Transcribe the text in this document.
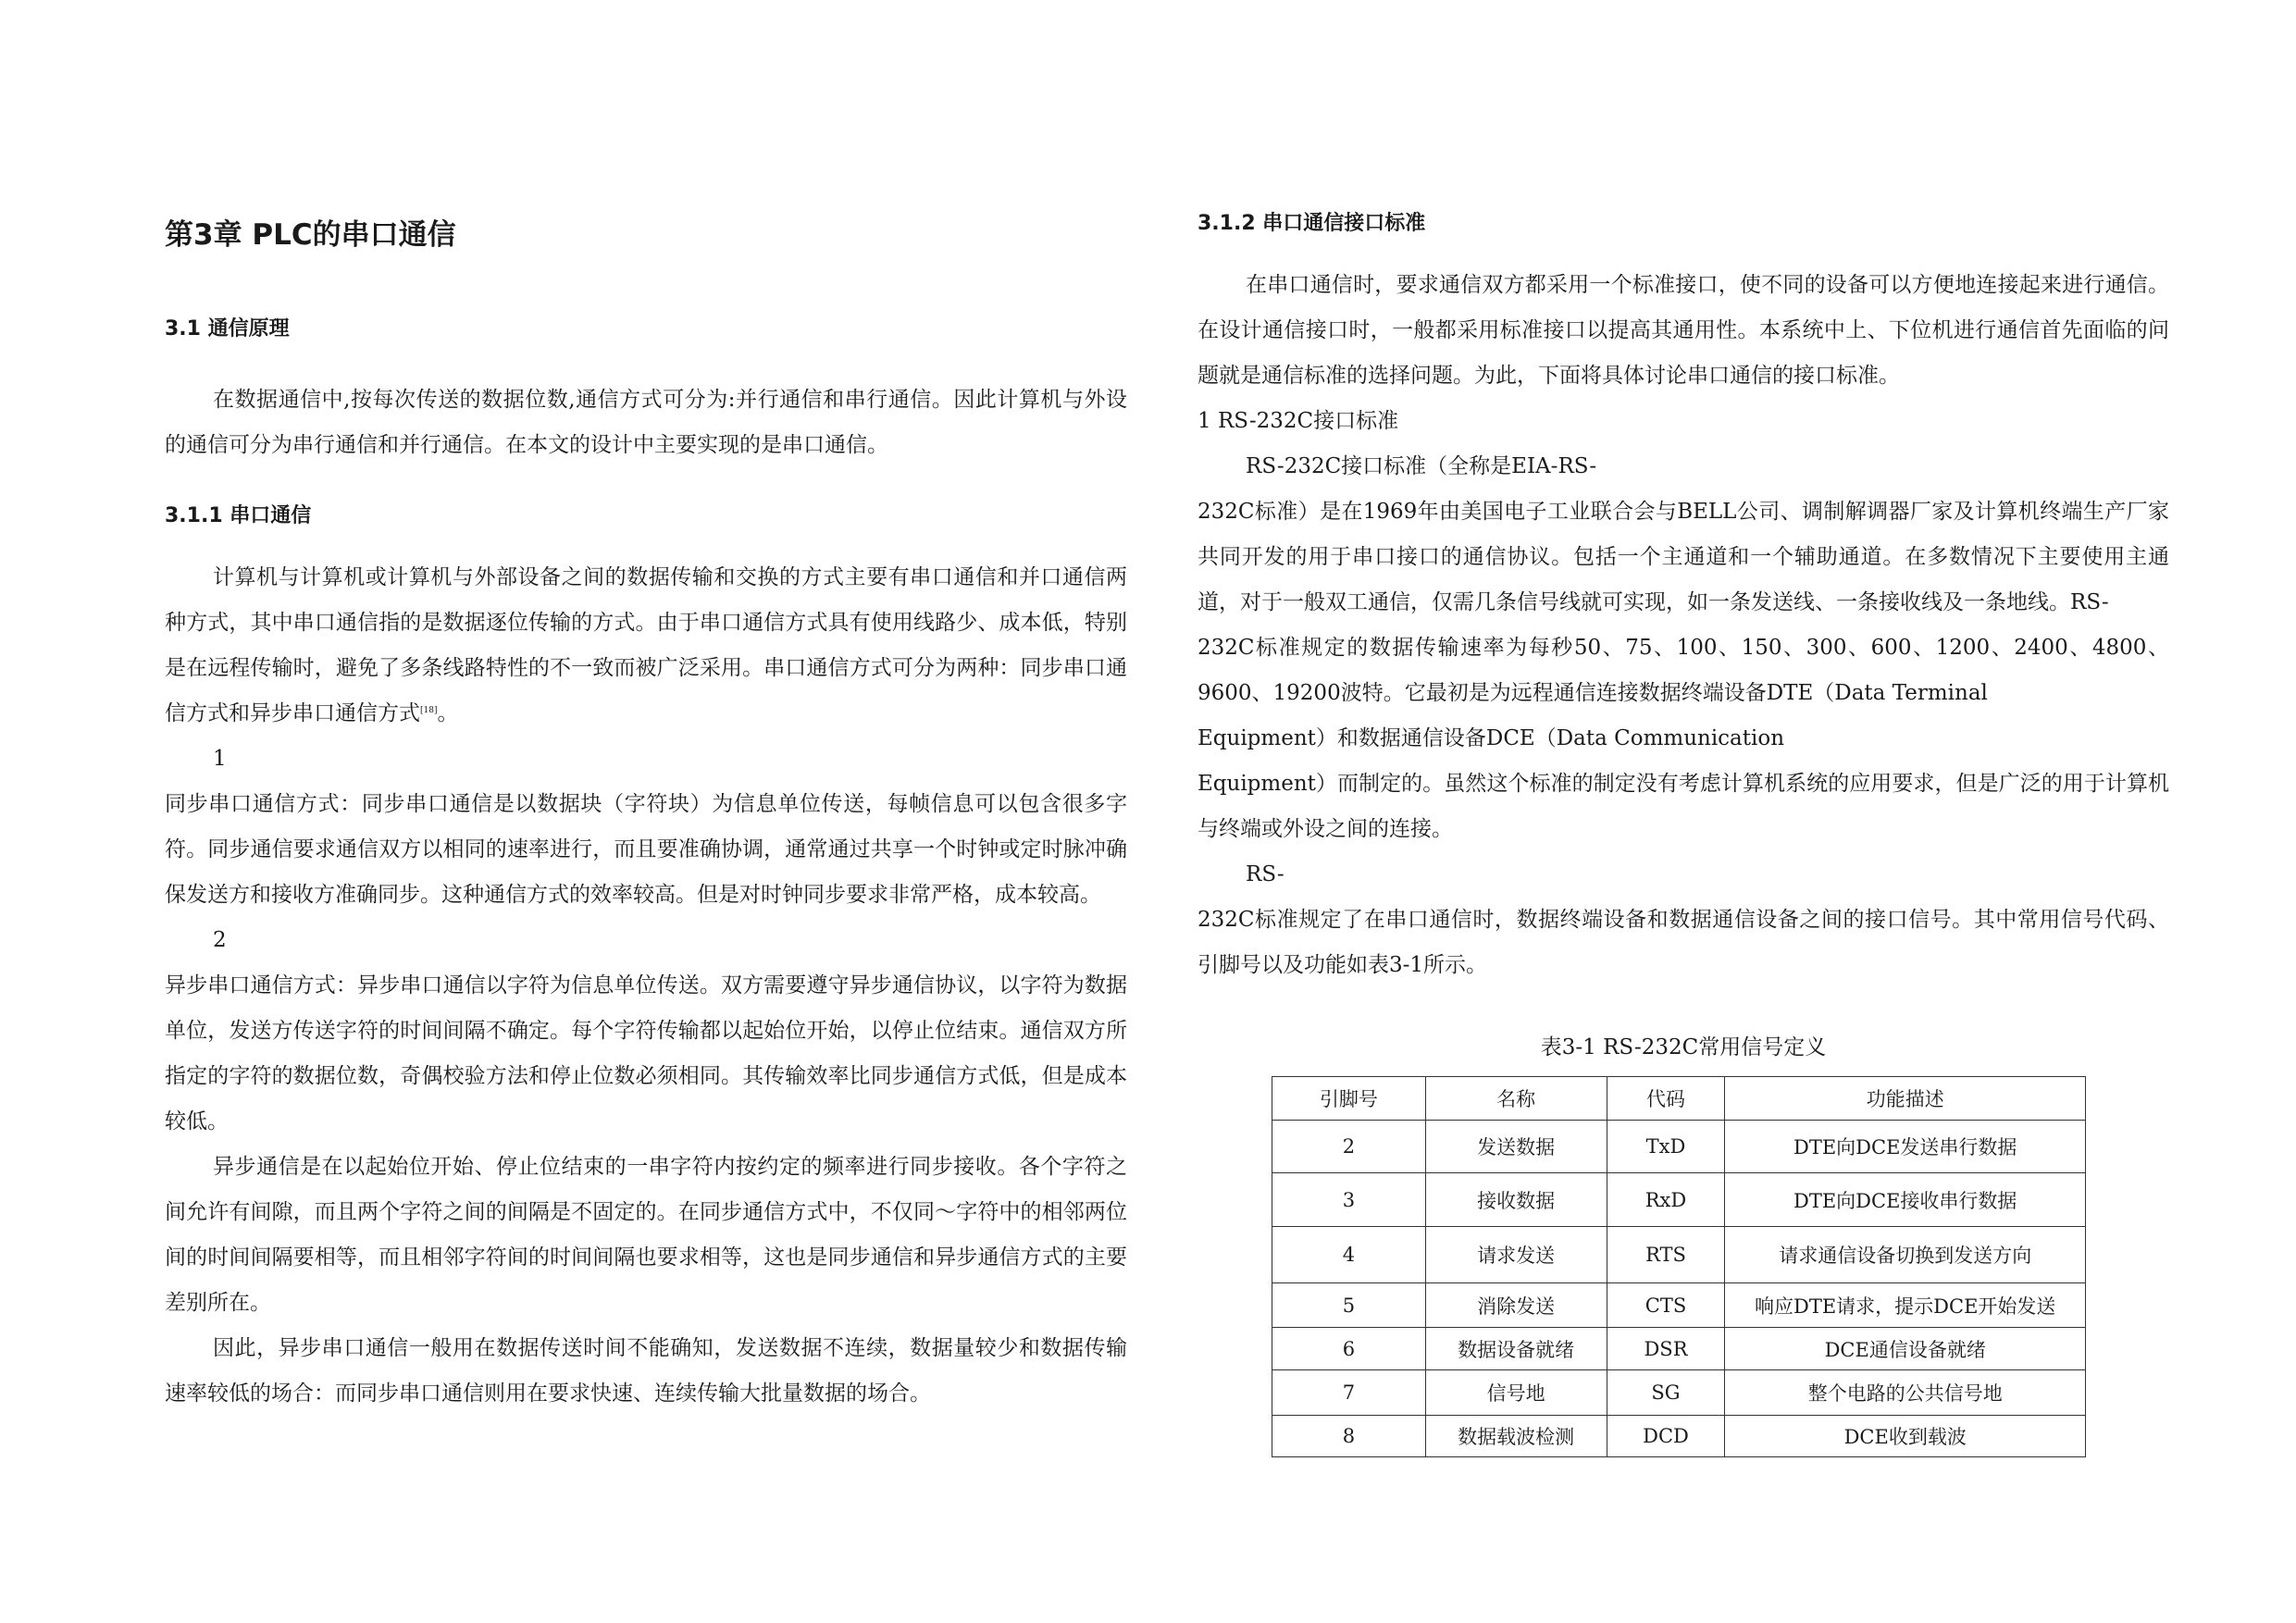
第3章 PLC的串口通信
3.1 通信原理

在数据通信中,按每次传送的数据位数,通信方式可分为:并行通信和串行通信。因此计算机与外设的通信可分为串行通信和并行通信。在本文的设计中主要实现的是串口通信。

3.1.1 串口通信

计算机与计算机或计算机与外部设备之间的数据传输和交换的方式主要有串口通信和并口通信两种方式，其中串口通信指的是数据逐位传输的方式。由于串口通信方式具有使用线路少、成本低，特别是在远程传输时，避免了多条线路特性的不一致而被广泛采用。串口通信方式可分为两种：同步串口通信方式和异步串口通信方式[18]。

1

同步串口通信方式：同步串口通信是以数据块（字符块）为信息单位传送，每帧信息可以包含很多字符。同步通信要求通信双方以相同的速率进行，而且要准确协调，通常通过共享一个时钟或定时脉冲确保发送方和接收方准确同步。这种通信方式的效率较高。但是对时钟同步要求非常严格，成本较高。

2

异步串口通信方式：异步串口通信以字符为信息单位传送。双方需要遵守异步通信协议，以字符为数据单位，发送方传送字符的时间间隔不确定。每个字符传输都以起始位开始，以停止位结束。通信双方所指定的字符的数据位数，奇偶校验方法和停止位数必须相同。其传输效率比同步通信方式低，但是成本较低。

异步通信是在以起始位开始、停止位结束的一串字符内按约定的频率进行同步接收。各个字符之间允许有间隙，而且两个字符之间的间隔是不固定的。在同步通信方式中，不仅同～字符中的相邻两位间的时间间隔要相等，而且相邻字符间的时间间隔也要求相等，这也是同步通信和异步通信方式的主要差别所在。

因此，异步串口通信一般用在数据传送时间不能确知，发送数据不连续，数据量较少和数据传输速率较低的场合：而同步串口通信则用在要求快速、连续传输大批量数据的场合。

3.1.2 串口通信接口标准

在串口通信时，要求通信双方都采用一个标准接口，使不同的设备可以方便地连接起来进行通信。在设计通信接口时，一般都采用标准接口以提高其通用性。本系统中上、下位机进行通信首先面临的问题就是通信标准的选择问题。为此，下面将具体讨论串口通信的接口标准。

1 RS-232C接口标准

RS-232C接口标准（全称是EIA-RS-

232C标准）是在1969年由美国电子工业联合会与BELL公司、调制解调器厂家及计算机终端生产厂家共同开发的用于串口接口的通信协议。包括一个主通道和一个辅助通道。在多数情况下主要使用主通道，对于一般双工通信，仅需几条信号线就可实现，如一条发送线、一条接收线及一条地线。RS-

232C标准规定的数据传输速率为每秒50、75、100、150、300、600、1200、2400、4800、9600、19200波特。它最初是为远程通信连接数据终端设备DTE（Data Terminal

Equipment）和数据通信设备DCE（Data Communication

Equipment）而制定的。虽然这个标准的制定没有考虑计算机系统的应用要求，但是广泛的用于计算机与终端或外设之间的连接。

RS-

232C标准规定了在串口通信时，数据终端设备和数据通信设备之间的接口信号。其中常用信号代码、引脚号以及功能如表3-1所示。

表3-1 RS-232C常用信号定义
引脚号	名称	代码	功能描述
2	发送数据	TxD	DTE向DCE发送串行数据
3	接收数据	RxD	DTE向DCE接收串行数据
4	请求发送	RTS	请求通信设备切换到发送方向
5	消除发送	CTS	响应DTE请求，提示DCE开始发送
6	数据设备就绪	DSR	DCE通信设备就绪
7	信号地	SG	整个电路的公共信号地
8	数据载波检测	DCD	DCE收到载波
